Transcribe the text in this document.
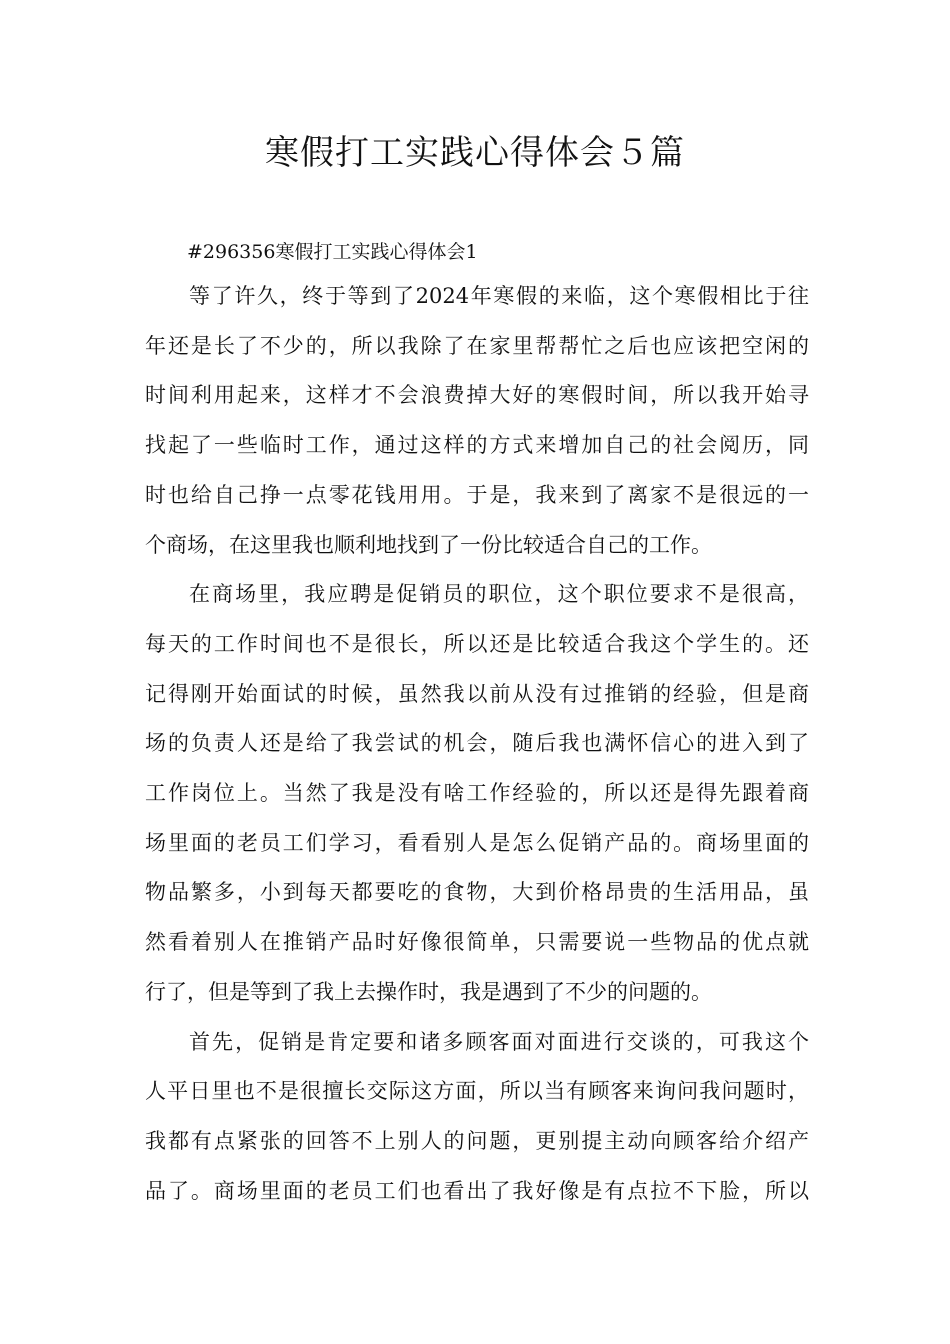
寒假打工实践心得体会５篇

#296356寒假打工实践心得体会1

等了许久，终于等到了2024年寒假的来临，这个寒假相比于往
年还是长了不少的，所以我除了在家里帮帮忙之后也应该把空闲的
时间利用起来，这样才不会浪费掉大好的寒假时间，所以我开始寻
找起了一些临时工作，通过这样的方式来增加自己的社会阅历，同
时也给自己挣一点零花钱用用。于是，我来到了离家不是很远的一
个商场，在这里我也顺利地找到了一份比较适合自己的工作。

在商场里，我应聘是促销员的职位，这个职位要求不是很高，
每天的工作时间也不是很长，所以还是比较适合我这个学生的。还
记得刚开始面试的时候，虽然我以前从没有过推销的经验，但是商
场的负责人还是给了我尝试的机会，随后我也满怀信心的进入到了
工作岗位上。当然了我是没有啥工作经验的，所以还是得先跟着商
场里面的老员工们学习，看看别人是怎么促销产品的。商场里面的
物品繁多，小到每天都要吃的食物，大到价格昂贵的生活用品，虽
然看着别人在推销产品时好像很简单，只需要说一些物品的优点就
行了，但是等到了我上去操作时，我是遇到了不少的问题的。

首先，促销是肯定要和诸多顾客面对面进行交谈的，可我这个
人平日里也不是很擅长交际这方面，所以当有顾客来询问我问题时，
我都有点紧张的回答不上别人的问题，更别提主动向顾客给介绍产
品了。商场里面的老员工们也看出了我好像是有点拉不下脸，所以
